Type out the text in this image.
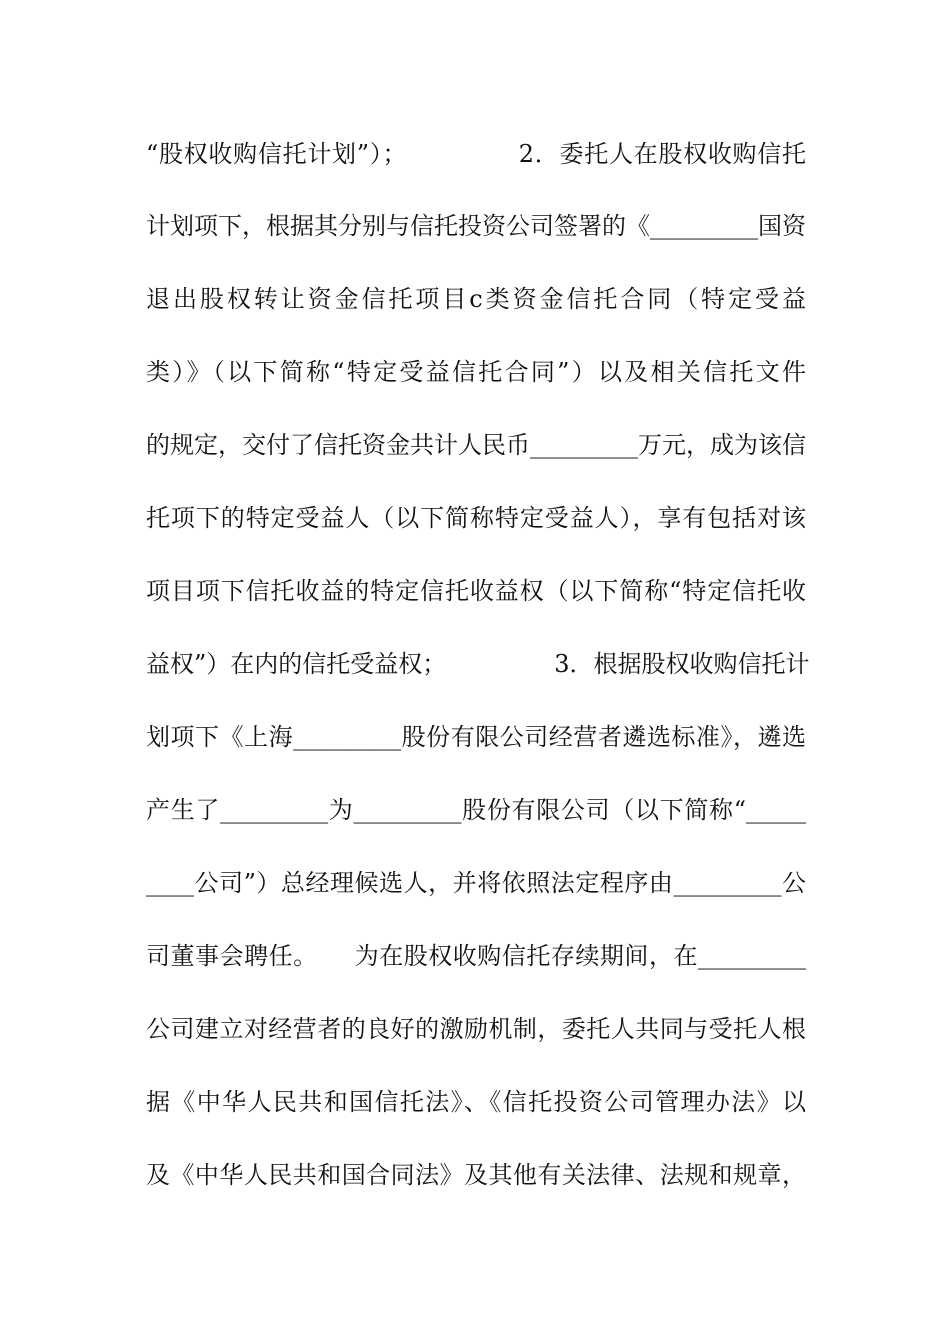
“股权收购信托计划”）；　　　　　2．委托人在股权收购信托
计划项下，根据其分别与信托投资公司签署的《_________国资
退出股权转让资金信托项目c类资金信托合同（特定受益
类）》（以下简称“特定受益信托合同”）以及相关信托文件
的规定，交付了信托资金共计人民币_________万元，成为该信
托项下的特定受益人（以下简称特定受益人），享有包括对该
项目项下信托收益的特定信托收益权（以下简称“特定信托收
益权”）在内的信托受益权；　　　　　3．根据股权收购信托计
划项下《上海_________股份有限公司经营者遴选标准》，遴选
产生了_________为_________股份有限公司（以下简称“_____
____公司”）总经理候选人，并将依照法定程序由_________公
司董事会聘任。　　为在股权收购信托存续期间，在_________
公司建立对经营者的良好的激励机制，委托人共同与受托人根
据《中华人民共和国信托法》、《信托投资公司管理办法》以
及《中华人民共和国合同法》及其他有关法律、法规和规章，
